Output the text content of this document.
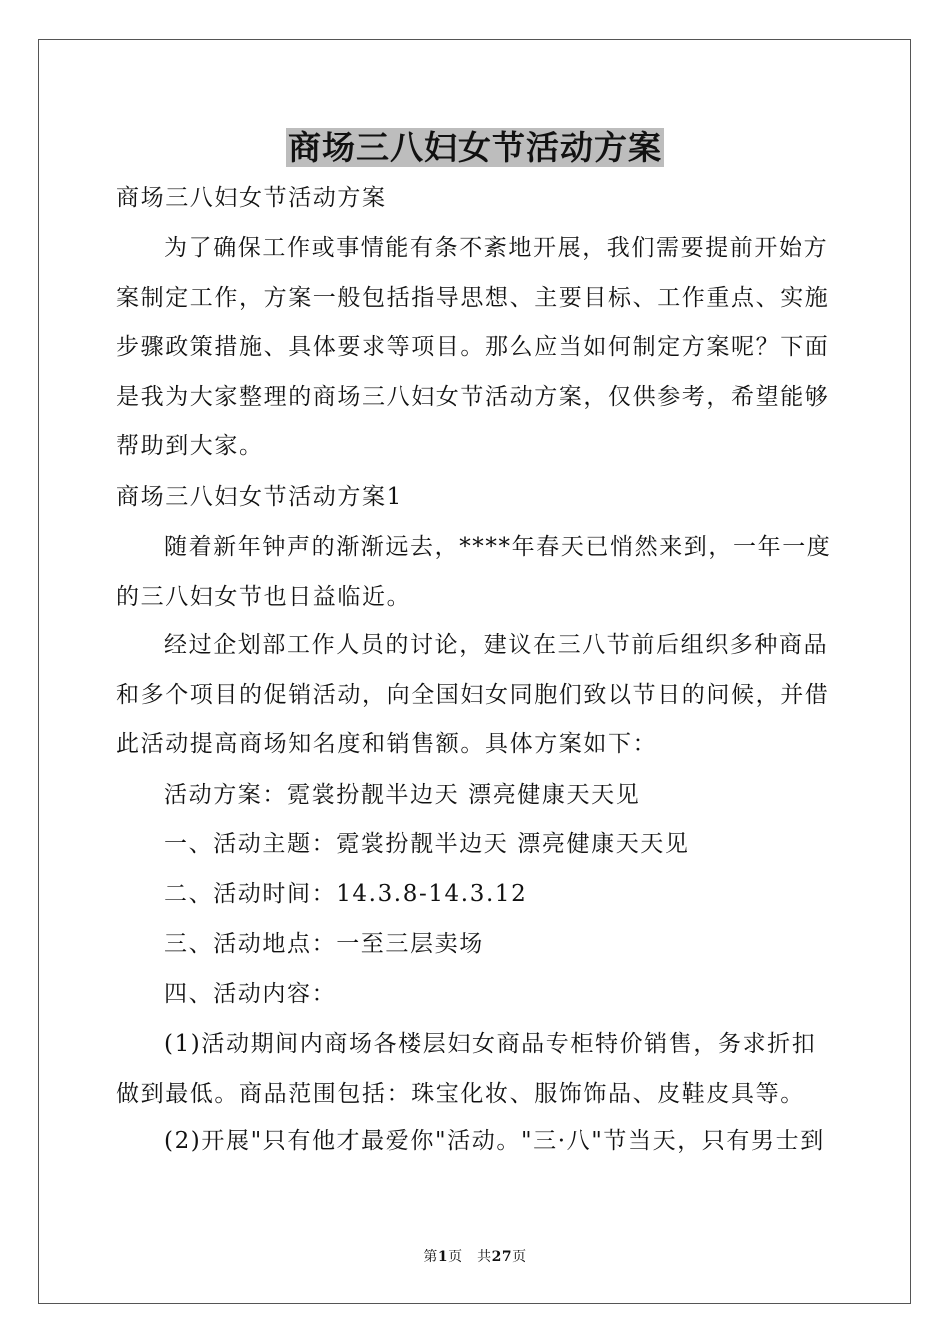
商场三八妇女节活动方案

商场三八妇女节活动方案

为了确保工作或事情能有条不紊地开展，我们需要提前开始方案制定工作，方案一般包括指导思想、主要目标、工作重点、实施步骤政策措施、具体要求等项目。那么应当如何制定方案呢？下面是我为大家整理的商场三八妇女节活动方案，仅供参考，希望能够帮助到大家。

商场三八妇女节活动方案1

随着新年钟声的渐渐远去，****年春天已悄然来到，一年一度的三八妇女节也日益临近。

经过企划部工作人员的讨论，建议在三八节前后组织多种商品和多个项目的促销活动，向全国妇女同胞们致以节日的问候，并借此活动提高商场知名度和销售额。具体方案如下：

活动方案：霓裳扮靓半边天 漂亮健康天天见

一、活动主题：霓裳扮靓半边天 漂亮健康天天见

二、活动时间：14.3.8-14.3.12

三、活动地点：一至三层卖场

四、活动内容：

(1)活动期间内商场各楼层妇女商品专柜特价销售，务求折扣做到最低。商品范围包括：珠宝化妆、服饰饰品、皮鞋皮具等。

(2)开展"只有他才最爱你"活动。"三·八"节当天，只有男士到

第1页　共27页
